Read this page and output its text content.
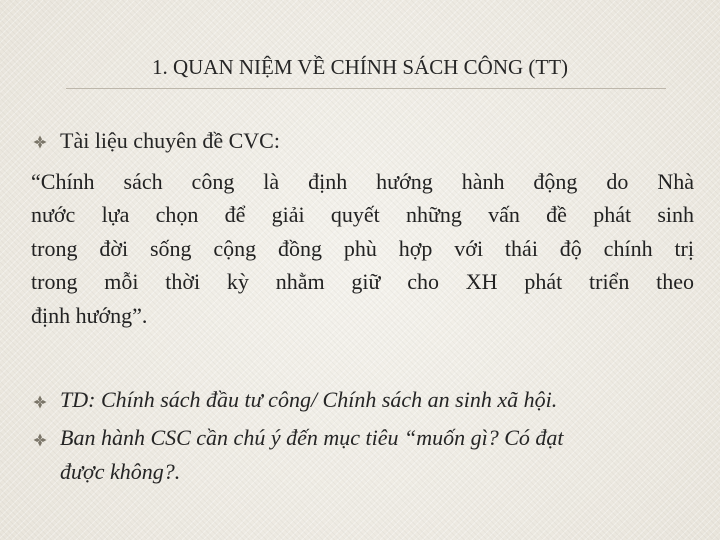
1. QUAN NIỆM VỀ CHÍNH SÁCH CÔNG (TT)
Tài liệu chuyên đề CVC:
“Chính sách công là định hướng hành động do Nhà
nước lựa chọn để giải quyết những vấn đề phát sinh
trong đời sống cộng đồng phù hợp với thái độ chính trị
trong mỗi thời kỳ nhằm giữ cho XH phát triển theo
định hướng”.
TD: Chính sách đầu tư công/ Chính sách an sinh xã hội.
Ban hành CSC cần chú ý đến mục tiêu “muốn gì? Có đạt
được không?.
